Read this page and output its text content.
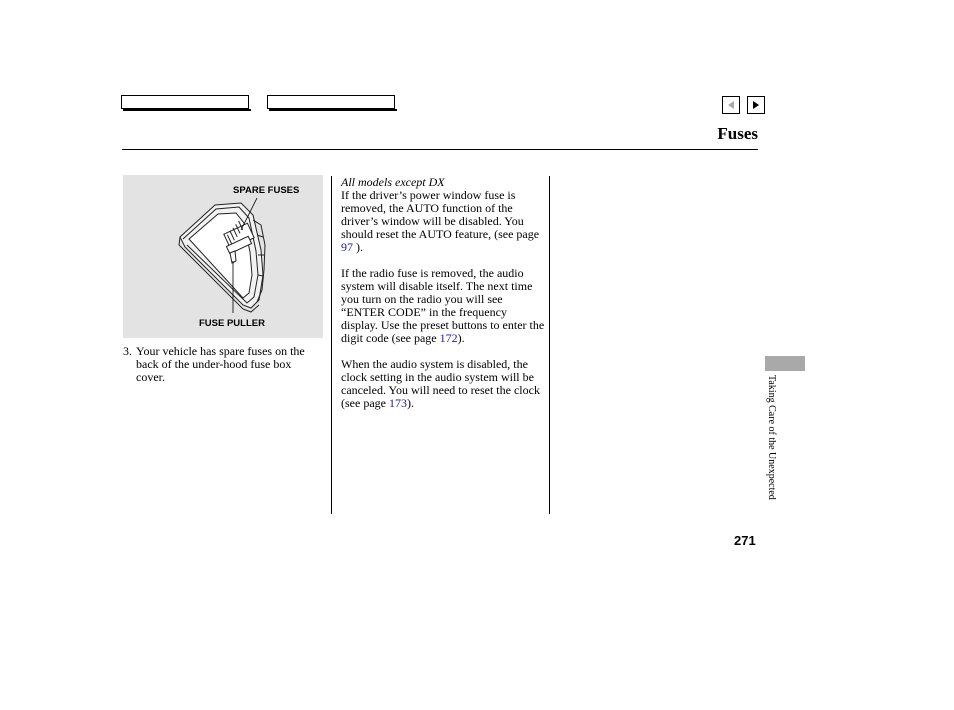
Fuses
SPARE FUSES
FUSE PULLER
3. Your vehicle has spare fuses on the back of the under-hood fuse box cover.

All models except DX
If the driver’s power window fuse is removed, the AUTO function of the driver’s window will be disabled. You should reset the AUTO feature, (see page 97 ).

If the radio fuse is removed, the audio system will disable itself. The next time you turn on the radio you will see “ENTER CODE” in the frequency display. Use the preset buttons to enter the digit code (see page 172).

When the audio system is disabled, the clock setting in the audio system will be canceled. You will need to reset the clock (see page 173).	Taking Care of the Unexpected
271
